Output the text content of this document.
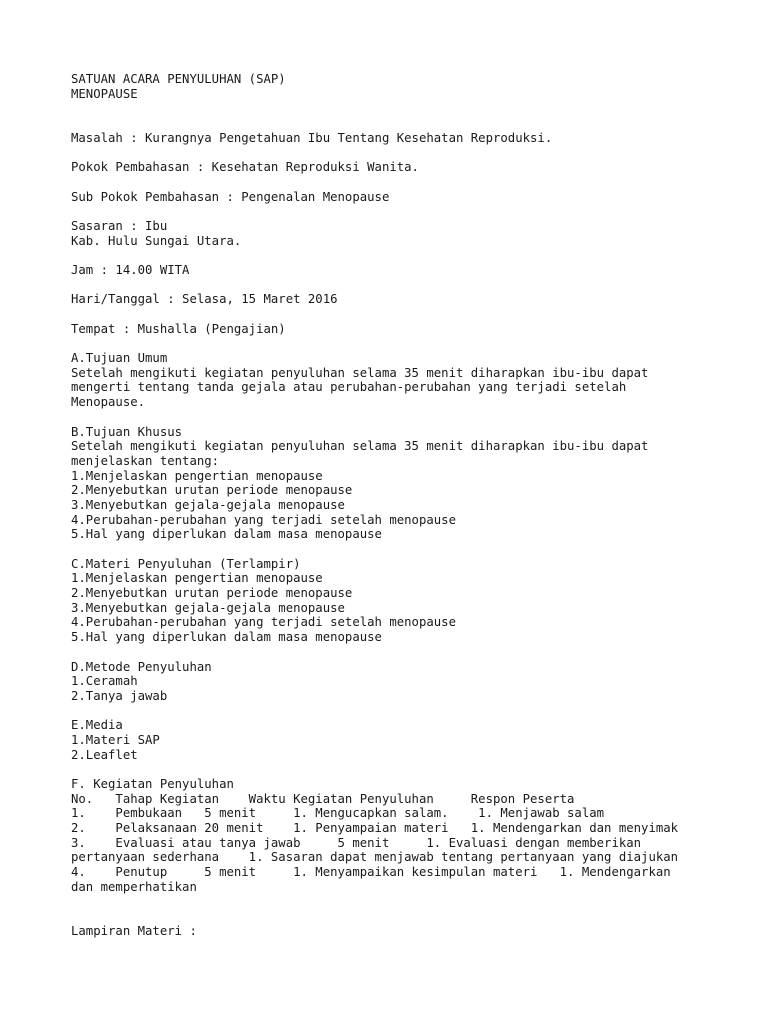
SATUAN ACARA PENYULUHAN (SAP)
MENOPAUSE
Masalah : Kurangnya Pengetahuan Ibu Tentang Kesehatan Reproduksi.
Pokok Pembahasan : Kesehatan Reproduksi Wanita.
Sub Pokok Pembahasan : Pengenalan Menopause
Sasaran : Ibu
Kab. Hulu Sungai Utara.
Jam : 14.00 WITA
Hari/Tanggal : Selasa, 15 Maret 2016
Tempat : Mushalla (Pengajian)
A.Tujuan Umum
Setelah mengikuti kegiatan penyuluhan selama 35 menit diharapkan ibu-ibu dapat
mengerti tentang tanda gejala atau perubahan-perubahan yang terjadi setelah
Menopause.
B.Tujuan Khusus
Setelah mengikuti kegiatan penyuluhan selama 35 menit diharapkan ibu-ibu dapat
menjelaskan tentang:
1.Menjelaskan pengertian menopause
2.Menyebutkan urutan periode menopause
3.Menyebutkan gejala-gejala menopause
4.Perubahan-perubahan yang terjadi setelah menopause
5.Hal yang diperlukan dalam masa menopause
C.Materi Penyuluhan (Terlampir)
1.Menjelaskan pengertian menopause
2.Menyebutkan urutan periode menopause
3.Menyebutkan gejala-gejala menopause
4.Perubahan-perubahan yang terjadi setelah menopause
5.Hal yang diperlukan dalam masa menopause
D.Metode Penyuluhan
1.Ceramah
2.Tanya jawab
E.Media
1.Materi SAP
2.Leaflet
F. Kegiatan Penyuluhan
No.   Tahap Kegiatan    Waktu Kegiatan Penyuluhan     Respon Peserta
1.    Pembukaan   5 menit     1. Mengucapkan salam.    1. Menjawab salam
2.    Pelaksanaan 20 menit    1. Penyampaian materi   1. Mendengarkan dan menyimak
3.    Evaluasi atau tanya jawab     5 menit     1. Evaluasi dengan memberikan
pertanyaan sederhana    1. Sasaran dapat menjawab tentang pertanyaan yang diajukan
4.    Penutup     5 menit     1. Menyampaikan kesimpulan materi   1. Mendengarkan
dan memperhatikan
Lampiran Materi :
